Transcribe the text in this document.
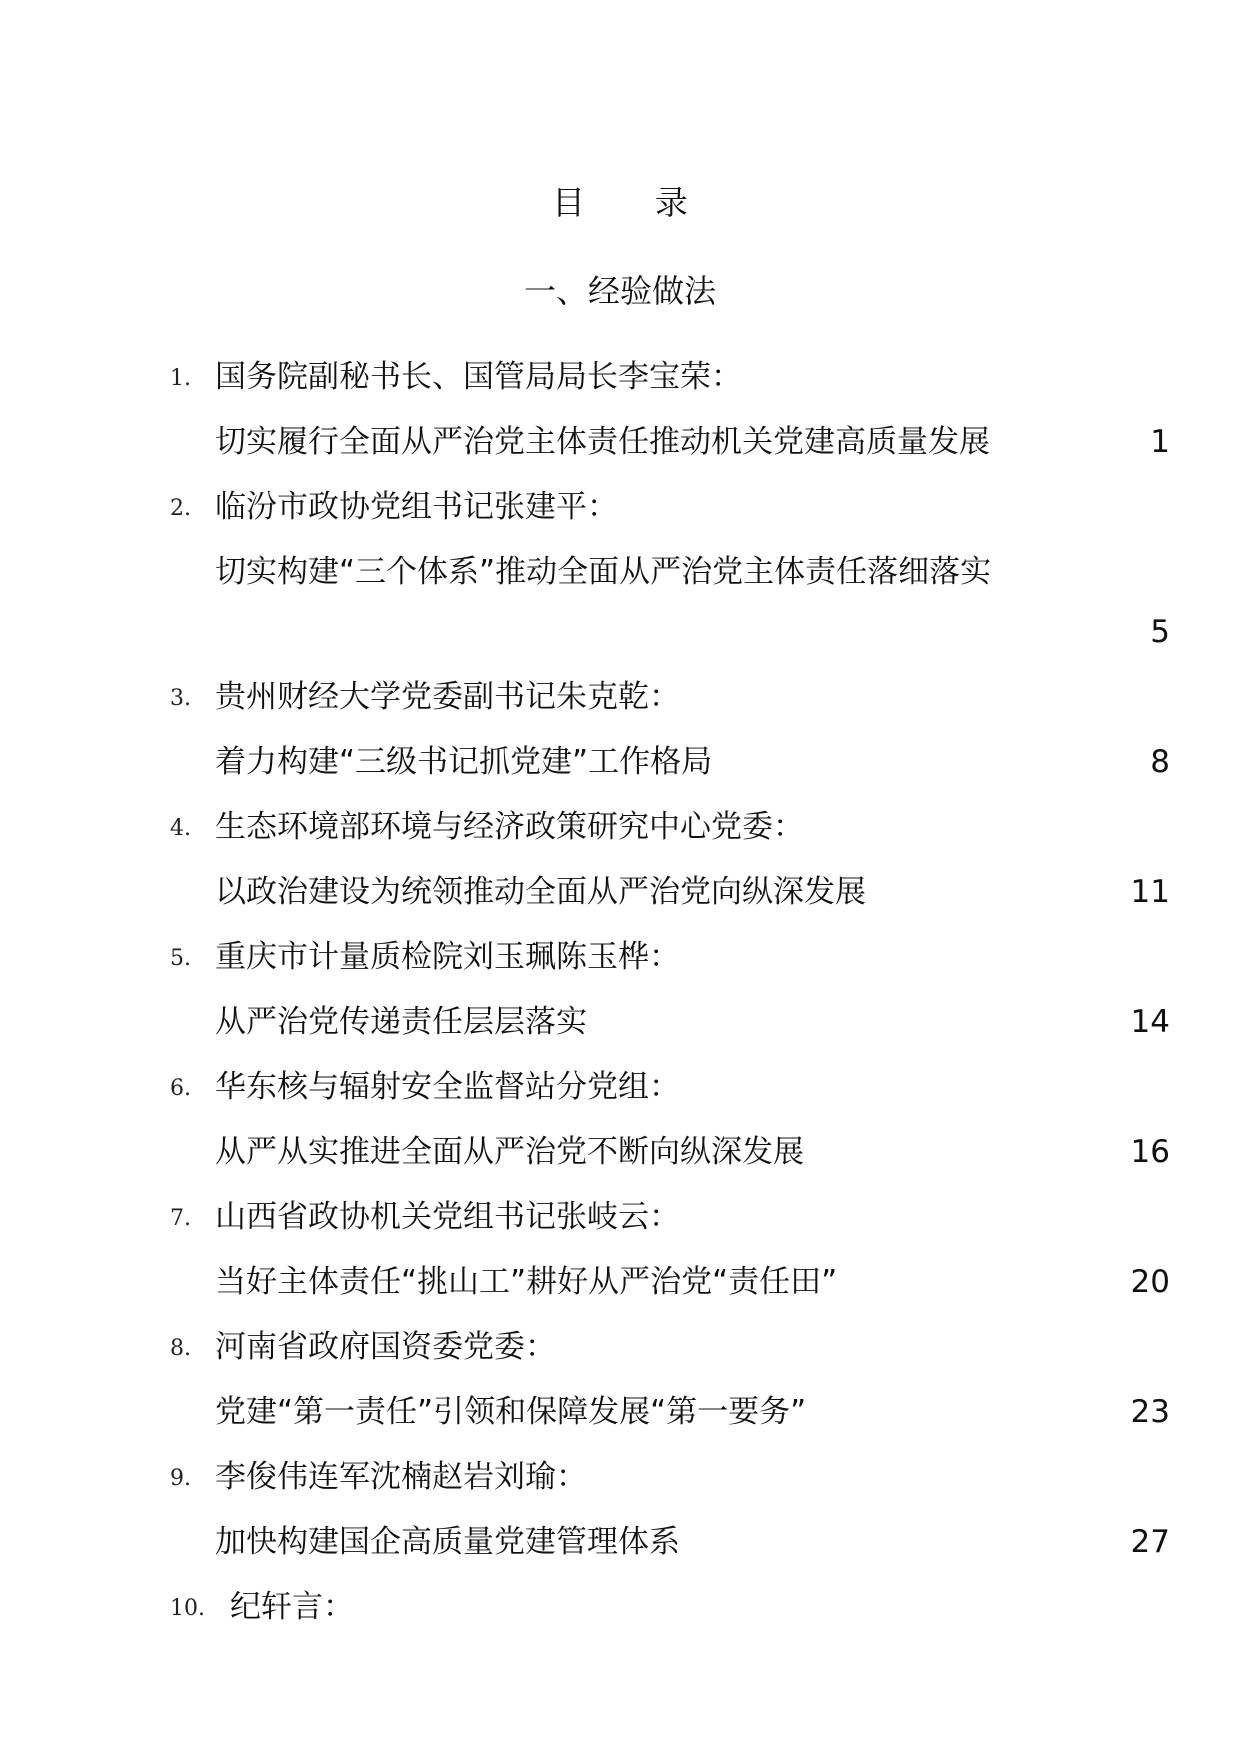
目 录
一、经验做法
1. 国务院副秘书长、国管局局长李宝荣：
切实履行全面从严治党主体责任推动机关党建高质量发展	1
2. 临汾市政协党组书记张建平：
切实构建“三个体系”推动全面从严治党主体责任落细落实
5
3. 贵州财经大学党委副书记朱克乾：
着力构建“三级书记抓党建”工作格局	8
4. 生态环境部环境与经济政策研究中心党委：
以政治建设为统领推动全面从严治党向纵深发展	11
5. 重庆市计量质检院刘玉珮陈玉桦：
从严治党传递责任层层落实	14
6. 华东核与辐射安全监督站分党组：
从严从实推进全面从严治党不断向纵深发展	16
7. 山西省政协机关党组书记张岐云：
当好主体责任“挑山工”耕好从严治党“责任田”	20
8. 河南省政府国资委党委：
党建“第一责任”引领和保障发展“第一要务”	23
9. 李俊伟连军沈楠赵岩刘瑜：
加快构建国企高质量党建管理体系	27
10. 纪轩言：
